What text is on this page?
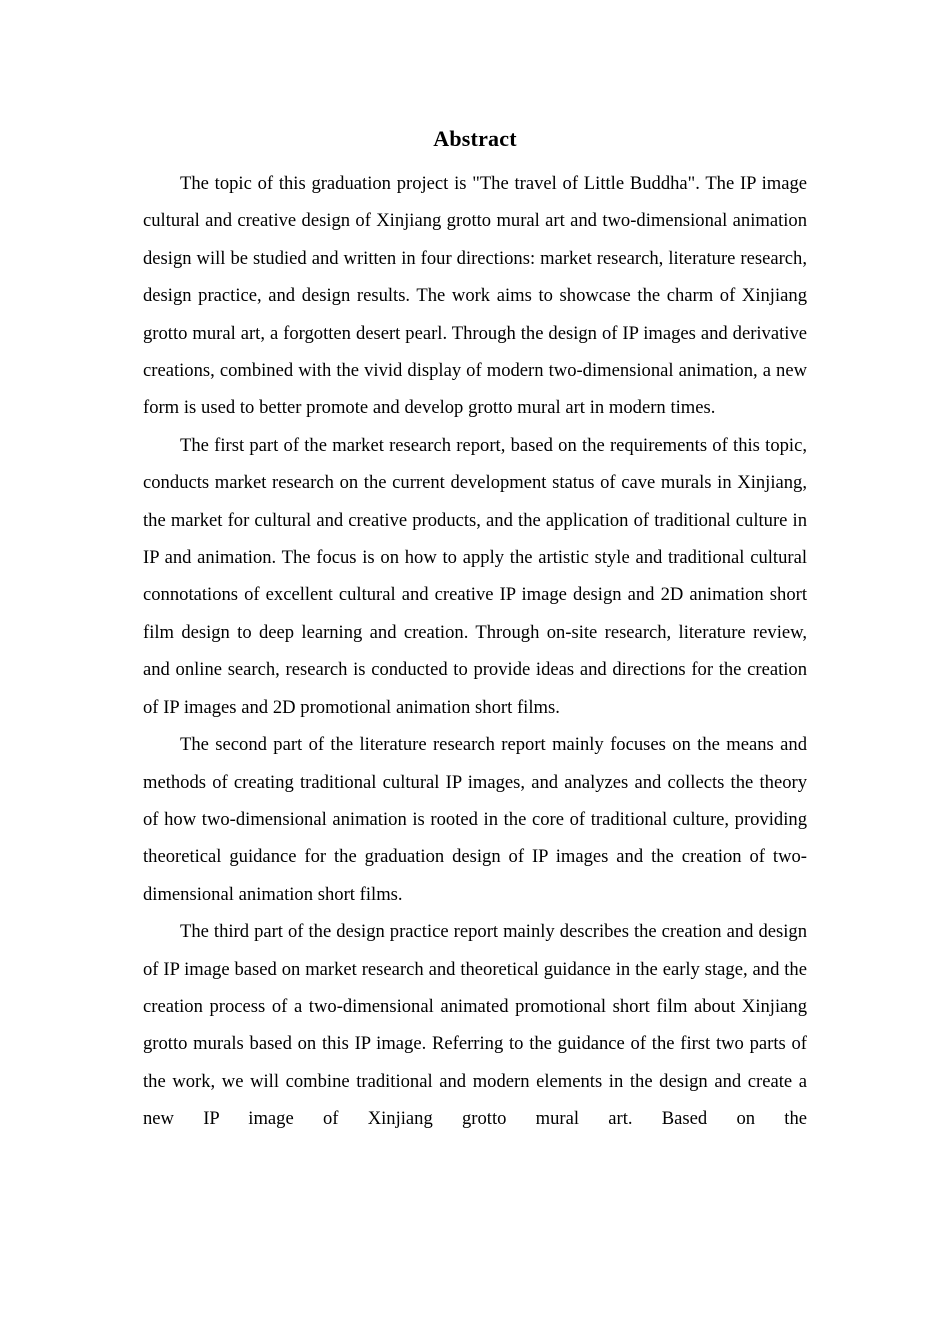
Abstract

The topic of this graduation project is "The travel of Little Buddha". The IP image cultural and creative design of Xinjiang grotto mural art and two-dimensional animation design will be studied and written in four directions: market research, literature research, design practice, and design results. The work aims to showcase the charm of Xinjiang grotto mural art, a forgotten desert pearl. Through the design of IP images and derivative creations, combined with the vivid display of modern two-dimensional animation, a new form is used to better promote and develop grotto mural art in modern times.

The first part of the market research report, based on the requirements of this topic, conducts market research on the current development status of cave murals in Xinjiang, the market for cultural and creative products, and the application of traditional culture in IP and animation. The focus is on how to apply the artistic style and traditional cultural connotations of excellent cultural and creative IP image design and 2D animation short film design to deep learning and creation. Through on-site research, literature review, and online search, research is conducted to provide ideas and directions for the creation of IP images and 2D promotional animation short films.

The second part of the literature research report mainly focuses on the means and methods of creating traditional cultural IP images, and analyzes and collects the theory of how two-dimensional animation is rooted in the core of traditional culture, providing theoretical guidance for the graduation design of IP images and the creation of two-dimensional animation short films.

The third part of the design practice report mainly describes the creation and design of IP image based on market research and theoretical guidance in the early stage, and the creation process of a two-dimensional animated promotional short film about Xinjiang grotto murals based on this IP image. Referring to the guidance of the first two parts of the work, we will combine traditional and modern elements in the design and create a new IP image of Xinjiang grotto mural art. Based on the
